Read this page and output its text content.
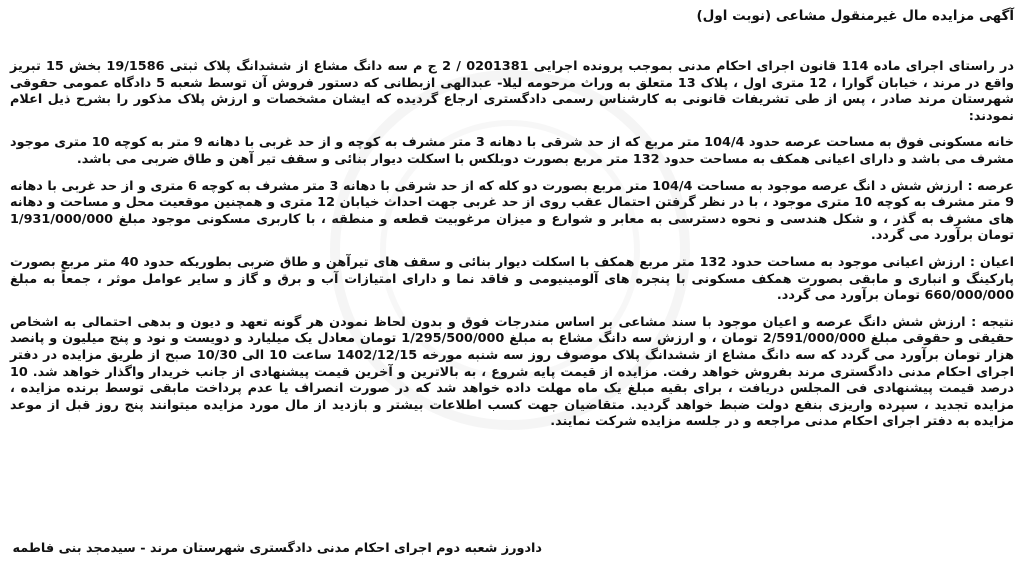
آگهی مزایده مال غیرمنقول مشاعی (نوبت اول)

در راستای اجرای ماده 114 قانون اجرای احکام مدنی بموجب پرونده اجرایی 0201381 / 2 ج م سه دانگ مشاع از ششدانگ پلاک ثبتی 19/1586 بخش 15 تبریز واقع در مرند ، خیابان گوارا ، 12 متری اول ، پلاک 13 متعلق به وراث مرحومه لیلا- عبدالهی ازبطانی که دستور فروش آن توسط شعبه 5 دادگاه عمومی حقوقی شهرستان مرند صادر ، پس از طی تشریفات قانونی به کارشناس رسمی دادگستری ارجاع گردیده که ایشان مشخصات و ارزش پلاک مذکور را بشرح ذیل اعلام نمودند:

خانه مسکونی فوق به مساحت عرصه حدود 104/4 متر مربع که از حد شرقی با دهانه 3 متر مشرف به کوچه و از حد غربی با دهانه 9 متر به کوچه 10 متری موجود مشرف می باشد و دارای اعیانی همکف به مساحت حدود 132 متر مربع بصورت دوبلکس با اسکلت دیوار بنائی و سقف تیر آهن و طاق ضربی می باشد.

عرصه : ارزش شش د انگ عرصه موجود به مساحت 104/4 متر مربع بصورت دو کله که از حد شرقی با دهانه 3 متر مشرف به کوچه 6 متری و از حد غربی با دهانه 9 متر مشرف به کوچه 10 متری موجود ، با در نظر گرفتن احتمال عقب روی از حد غربی جهت احداث خیابان 12 متری و همچنین موقعیت محل و مساحت و دهانه های مشرف به گذر ، و شکل هندسی و نحوه دسترسی به معابر و شوارع و میزان مرغوبیت قطعه و منطقه ، با کاربری مسکونی موجود مبلغ 1/931/000/000 تومان برآورد می گردد.

اعیان : ارزش اعیانی موجود به مساحت حدود 132 متر مربع همکف با اسکلت دیوار بنائی و سقف های تیرآهن و طاق ضربی بطوریکه حدود 40 متر مربع بصورت پارکینگ و انباری و مابقی بصورت همکف مسکونی با پنجره های آلومینیومی و فاقد نما و دارای امتیازات آب و برق و گاز و سایر عوامل موثر ، جمعاً به مبلغ 660/000/000 تومان برآورد می گردد.

نتیجه : ارزش شش دانگ عرصه و اعیان موجود با سند مشاعی بر اساس مندرجات فوق و بدون لحاظ نمودن هر گونه تعهد و دیون و بدهی احتمالی به اشخاص حقیقی و حقوقی مبلغ 2/591/000/000 تومان ، و ارزش سه دانگ مشاع به مبلغ 1/295/500/000 تومان معادل یک میلیارد و دویست و نود و پنج میلیون و پانصد هزار تومان برآورد می گردد که سه دانگ مشاع از ششدانگ پلاک موصوف روز سه شنبه مورخه 1402/12/15 ساعت 10 الی 10/30 صبح از طریق مزایده در دفتر اجرای احکام مدنی دادگستری مرند بفروش خواهد رفت. مزایده از قیمت پایه شروع ، به بالاترین و آخرین قیمت پیشنهادی از جانب خریدار واگذار خواهد شد. 10 درصد قیمت پیشنهادی فی المجلس دریافت ، برای بقیه مبلغ یک ماه مهلت داده خواهد شد که در صورت انصراف یا عدم پرداخت مابقی توسط برنده مزایده ، مزایده تجدید ، سپرده واریزی بنفع دولت ضبط خواهد گردید. متقاضیان جهت کسب اطلاعات بیشتر و بازدید از مال مورد مزایده میتوانند پنج روز قبل از موعد مزایده به دفتر اجرای احکام مدنی مراجعه و در جلسه مزایده شرکت نمایند.

دادورز شعبه دوم اجرای احکام مدنی دادگستری شهرستان مرند - سیدمجد بنی فاطمه
